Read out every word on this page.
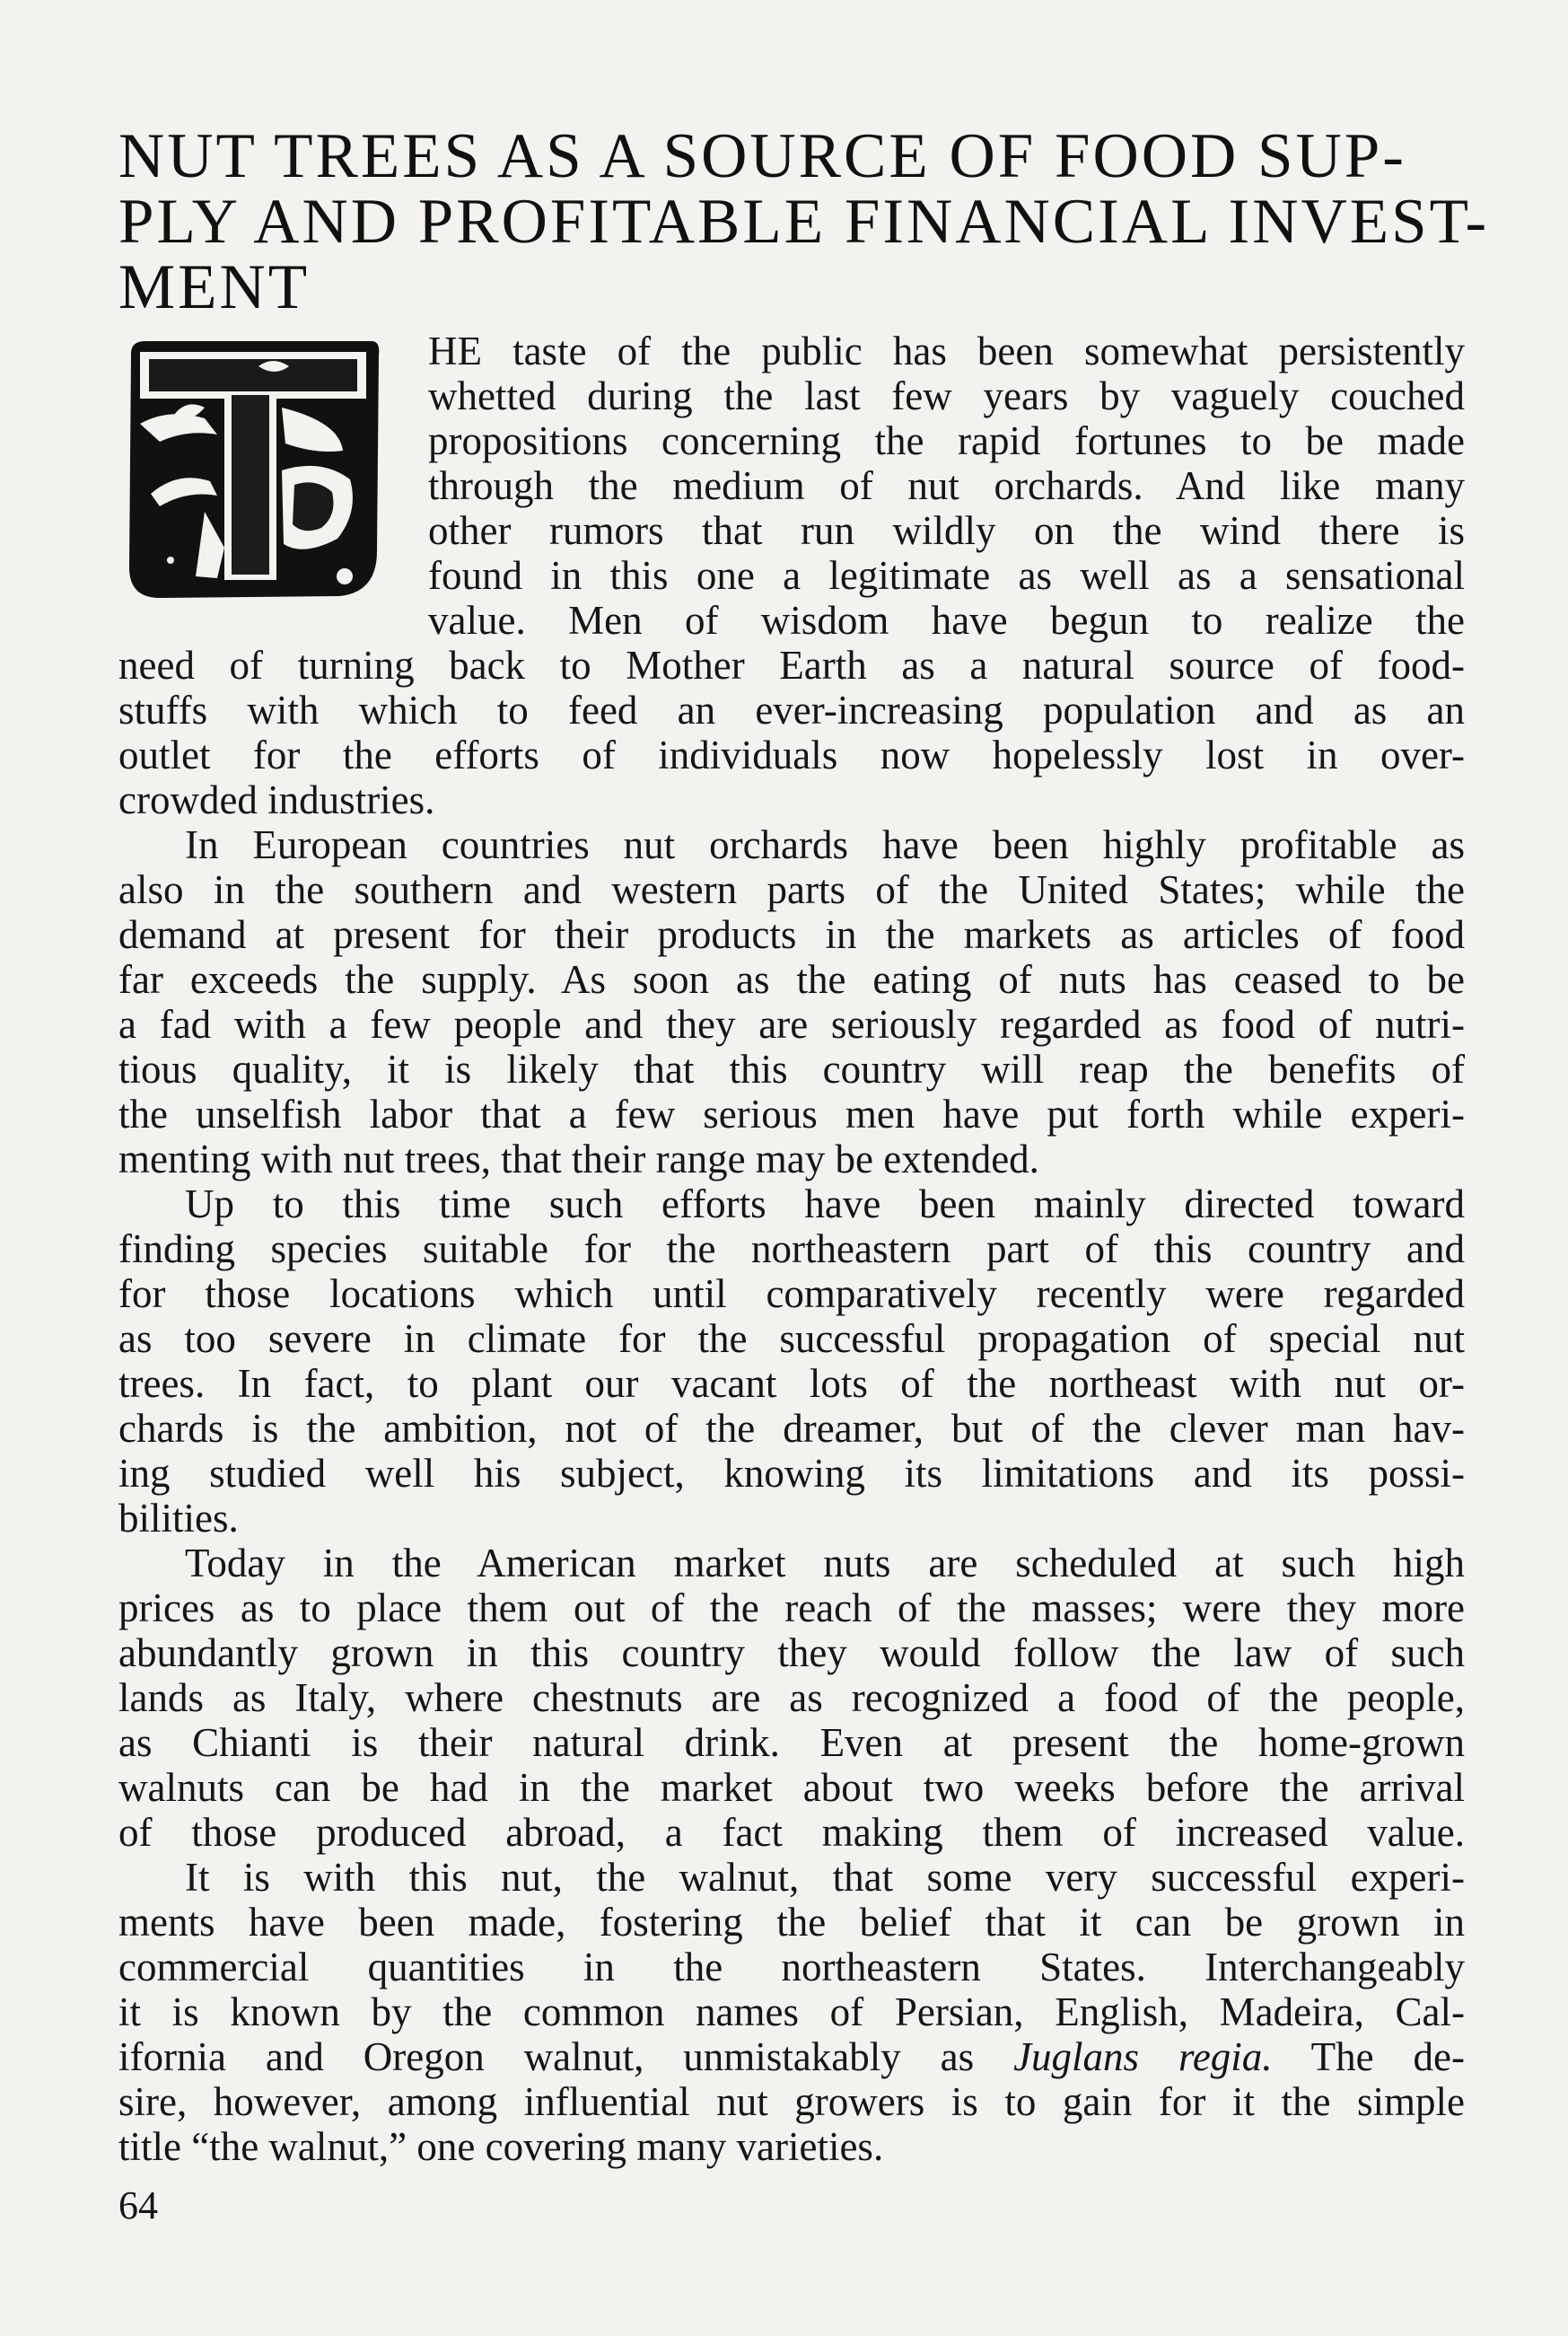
NUT TREES AS A SOURCE OF FOOD SUP-
PLY AND PROFITABLE FINANCIAL INVEST-
MENT

HE taste of the public has been somewhat persistently
whetted during the last few years by vaguely couched
propositions concerning the rapid fortunes to be made
through the medium of nut orchards. And like many
other rumors that run wildly on the wind there is
found in this one a legitimate as well as a sensational
value. Men of wisdom have begun to realize the
need of turning back to Mother Earth as a natural source of food-
stuffs with which to feed an ever-increasing population and as an
outlet for the efforts of individuals now hopelessly lost in over-
crowded industries.

In European countries nut orchards have been highly profitable as
also in the southern and western parts of the United States; while the
demand at present for their products in the markets as articles of food
far exceeds the supply. As soon as the eating of nuts has ceased to be
a fad with a few people and they are seriously regarded as food of nutri-
tious quality, it is likely that this country will reap the benefits of
the unselfish labor that a few serious men have put forth while experi-
menting with nut trees, that their range may be extended.

Up to this time such efforts have been mainly directed toward
finding species suitable for the northeastern part of this country and
for those locations which until comparatively recently were regarded
as too severe in climate for the successful propagation of special nut
trees. In fact, to plant our vacant lots of the northeast with nut or-
chards is the ambition, not of the dreamer, but of the clever man hav-
ing studied well his subject, knowing its limitations and its possi-
bilities.

Today in the American market nuts are scheduled at such high
prices as to place them out of the reach of the masses; were they more
abundantly grown in this country they would follow the law of such
lands as Italy, where chestnuts are as recognized a food of the people,
as Chianti is their natural drink. Even at present the home-grown
walnuts can be had in the market about two weeks before the arrival
of those produced abroad, a fact making them of increased value.

It is with this nut, the walnut, that some very successful experi-
ments have been made, fostering the belief that it can be grown in
commercial quantities in the northeastern States. Interchangeably
it is known by the common names of Persian, English, Madeira, Cal-
ifornia and Oregon walnut, unmistakably as Juglans regia. The de-
sire, however, among influential nut growers is to gain for it the simple
title “the walnut,” one covering many varieties.

64
